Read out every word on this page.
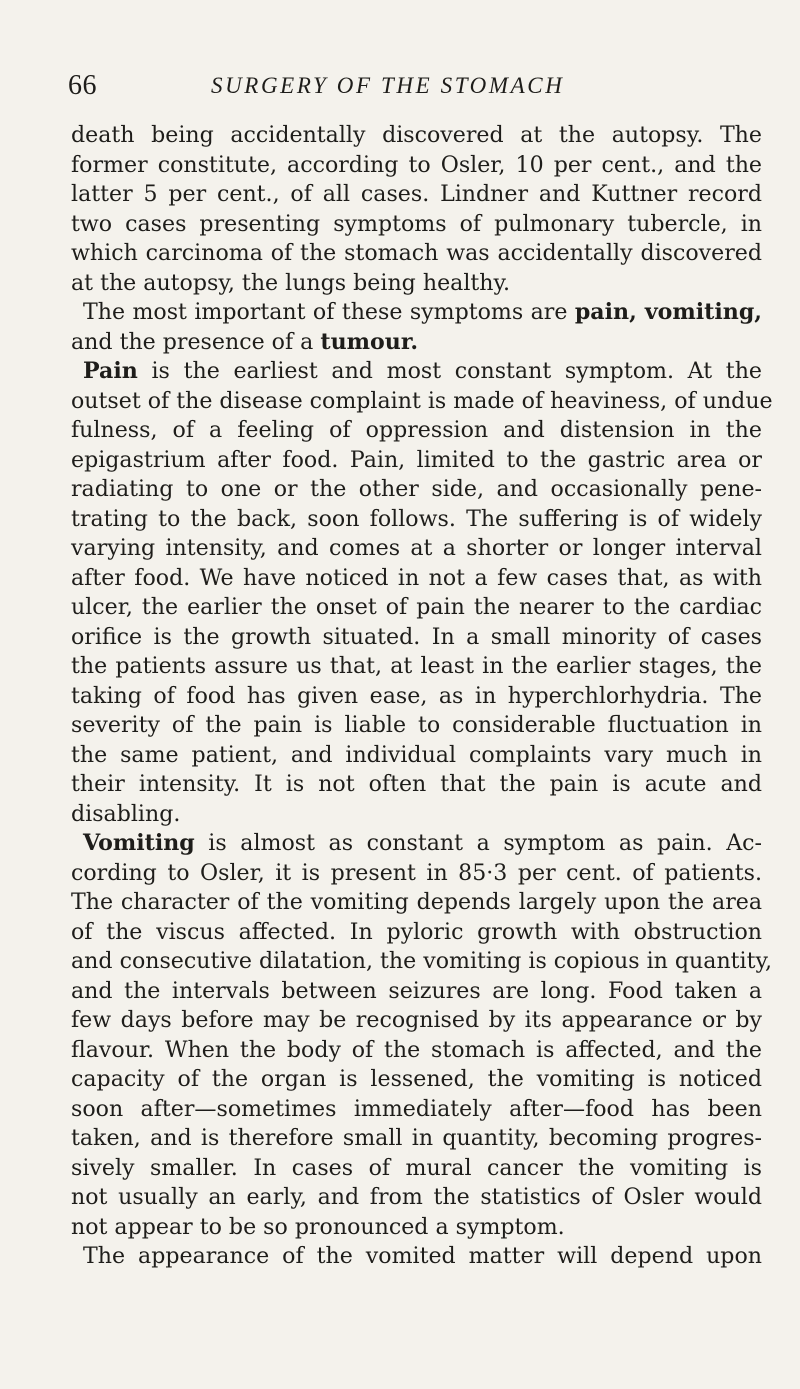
66	SURGERY OF THE STOMACH
death being accidentally discovered at the autopsy. The
former constitute, according to Osler, 10 per cent., and the
latter 5 per cent., of all cases. Lindner and Kuttner record
two cases presenting symptoms of pulmonary tubercle, in
which carcinoma of the stomach was accidentally discovered
at the autopsy, the lungs being healthy.
The most important of these symptoms are pain, vomiting,
and the presence of a tumour.
Pain is the earliest and most constant symptom. At the
outset of the disease complaint is made of heaviness, of undue
fulness, of a feeling of oppression and distension in the
epigastrium after food. Pain, limited to the gastric area or
radiating to one or the other side, and occasionally pene-
trating to the back, soon follows. The suffering is of widely
varying intensity, and comes at a shorter or longer interval
after food. We have noticed in not a few cases that, as with
ulcer, the earlier the onset of pain the nearer to the cardiac
orifice is the growth situated. In a small minority of cases
the patients assure us that, at least in the earlier stages, the
taking of food has given ease, as in hyperchlorhydria. The
severity of the pain is liable to considerable fluctuation in
the same patient, and individual complaints vary much in
their intensity. It is not often that the pain is acute and
disabling.
Vomiting is almost as constant a symptom as pain. Ac-
cording to Osler, it is present in 85·3 per cent. of patients.
The character of the vomiting depends largely upon the area
of the viscus affected. In pyloric growth with obstruction
and consecutive dilatation, the vomiting is copious in quantity,
and the intervals between seizures are long. Food taken a
few days before may be recognised by its appearance or by
flavour. When the body of the stomach is affected, and the
capacity of the organ is lessened, the vomiting is noticed
soon after—sometimes immediately after—food has been
taken, and is therefore small in quantity, becoming progres-
sively smaller. In cases of mural cancer the vomiting is
not usually an early, and from the statistics of Osler would
not appear to be so pronounced a symptom.
The appearance of the vomited matter will depend upon
